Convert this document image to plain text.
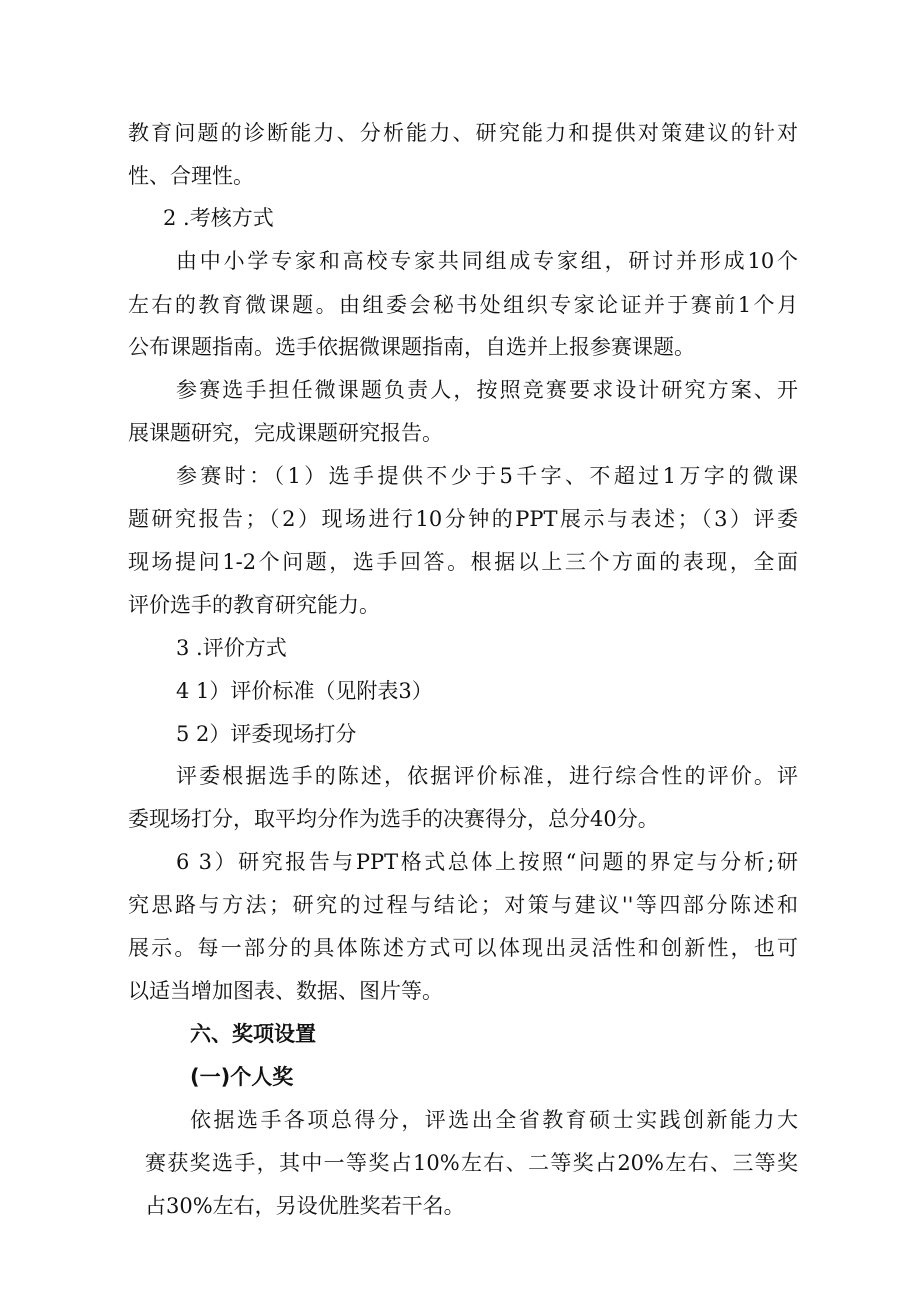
教育问题的诊断能力、分析能力、研究能力和提供对策建议的针对
性、合理性。
2 .考核方式
由中小学专家和高校专家共同组成专家组，研讨并形成10个
左右的教育微课题。由组委会秘书处组织专家论证并于赛前1个月
公布课题指南。选手依据微课题指南，自选并上报参赛课题。
参赛选手担任微课题负责人，按照竞赛要求设计研究方案、开
展课题研究，完成课题研究报告。
参赛时：（1）选手提供不少于5千字、不超过1万字的微课
题研究报告；（2）现场进行10分钟的PPT展示与表述；（3）评委
现场提问1-2个问题，选手回答。根据以上三个方面的表现，全面
评价选手的教育研究能力。
3 .评价方式
4 1）评价标准（见附表3）
5 2）评委现场打分
评委根据选手的陈述，依据评价标准，进行综合性的评价。评
委现场打分，取平均分作为选手的决赛得分，总分40分。
6 3）研究报告与PPT格式总体上按照“问题的界定与分析;研
究思路与方法；研究的过程与结论；对策与建议''等四部分陈述和
展示。每一部分的具体陈述方式可以体现出灵活性和创新性，也可
以适当增加图表、数据、图片等。
六、奖项设置
(一)个人奖
依据选手各项总得分，评选出全省教育硕士实践创新能力大
赛获奖选手，其中一等奖占10%左右、二等奖占20%左右、三等奖
占30%左右，另设优胜奖若干名。
